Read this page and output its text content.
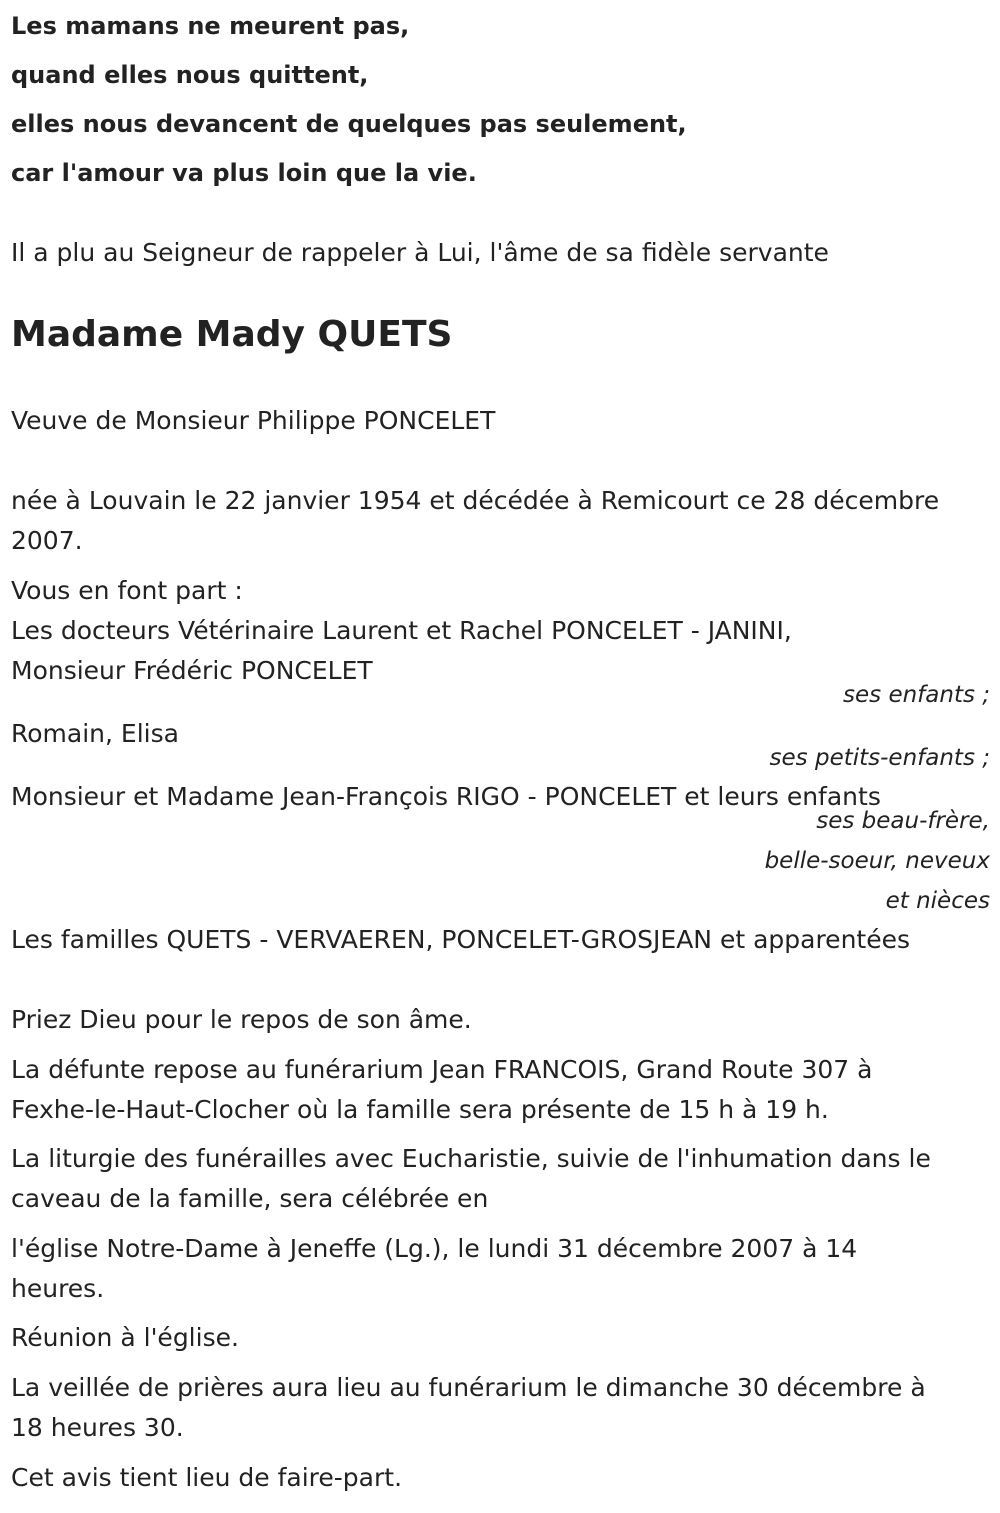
Les mamans ne meurent pas,
quand elles nous quittent,
elles nous devancent de quelques pas seulement,
car l'amour va plus loin que la vie.
Il a plu au Seigneur de rappeler à Lui, l'âme de sa fidèle servante
Madame Mady QUETS
Veuve de Monsieur Philippe PONCELET
née à Louvain le 22 janvier 1954 et décédée à Remicourt ce 28 décembre
2007.
Vous en font part :
Les docteurs Vétérinaire Laurent et Rachel PONCELET - JANINI,
Monsieur Frédéric PONCELET
ses enfants ;
Romain, Elisa
ses petits-enfants ;
Monsieur et Madame Jean-François RIGO - PONCELET et leurs enfants
ses beau-frère,
belle-soeur, neveux
et nièces
Les familles QUETS - VERVAEREN, PONCELET-GROSJEAN et apparentées
Priez Dieu pour le repos de son âme.
La défunte repose au funérarium Jean FRANCOIS, Grand Route 307 à
Fexhe-le-Haut-Clocher où la famille sera présente de 15 h à 19 h.
La liturgie des funérailles avec Eucharistie, suivie de l'inhumation dans le
caveau de la famille, sera célébrée en
l'église Notre-Dame à Jeneffe (Lg.), le lundi 31 décembre 2007 à 14
heures.
Réunion à l'église.
La veillée de prières aura lieu au funérarium le dimanche 30 décembre à
18 heures 30.
Cet avis tient lieu de faire-part.
